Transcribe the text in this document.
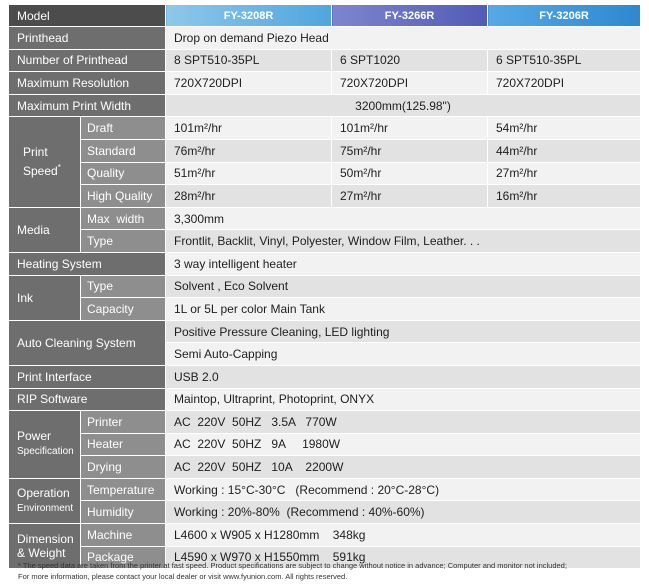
Model		FY-3208R	FY-3266R	FY-3206R
Printhead		Drop on demand Piezo Head		
Number of Printhead		8 SPT510-35PL	6 SPT1020	6 SPT510-35PL
Maximum Resolution		720X720DPI	720X720DPI	720X720DPI
Maximum Print Width		3200mm(125.98")		
Print
Speed*	Draft	101m²/hr	101m²/hr	54m²/hr
	Standard	76m²/hr	75m²/hr	44m²/hr
	Quality	51m²/hr	50m²/hr	27m²/hr
	High Quality	28m²/hr	27m²/hr	16m²/hr
Media	Max  width	3,300mm		
	Type	Frontlit, Backlit, Vinyl, Polyester, Window Film, Leather. . .		
Heating System		3 way intelligent heater		
Ink	Type	Solvent , Eco Solvent		
	Capacity	1L or 5L per color Main Tank		
Auto Cleaning System		Positive Pressure Cleaning, LED lighting		
		Semi Auto-Capping		
Print Interface		USB 2.0		
RIP Software		Maintop, Ultraprint, Photoprint, ONYX		
Power
Specification	Printer	AC  220V  50HZ   3.5A   770W		
	Heater	AC  220V  50HZ   9A     1980W		
	Drying	AC  220V  50HZ   10A    2200W		
Operation
Environment	Temperature	Working : 15°C-30°C   (Recommend : 20°C-28°C)		
	Humidity	Working : 20%-80%  (Recommend : 40%-60%)		
Dimension
& Weight	Machine	L4600 x W905 x H1280mm    348kg		
	Package	L4590 x W970 x H1550mm    591kg		
* The speed data are taken from the printer at fast speed. Product specifications are subject to change without notice in advance; Computer and monitor not included;
For more information, please contact your local dealer or visit www.fyunion.com. All rights reserved.
